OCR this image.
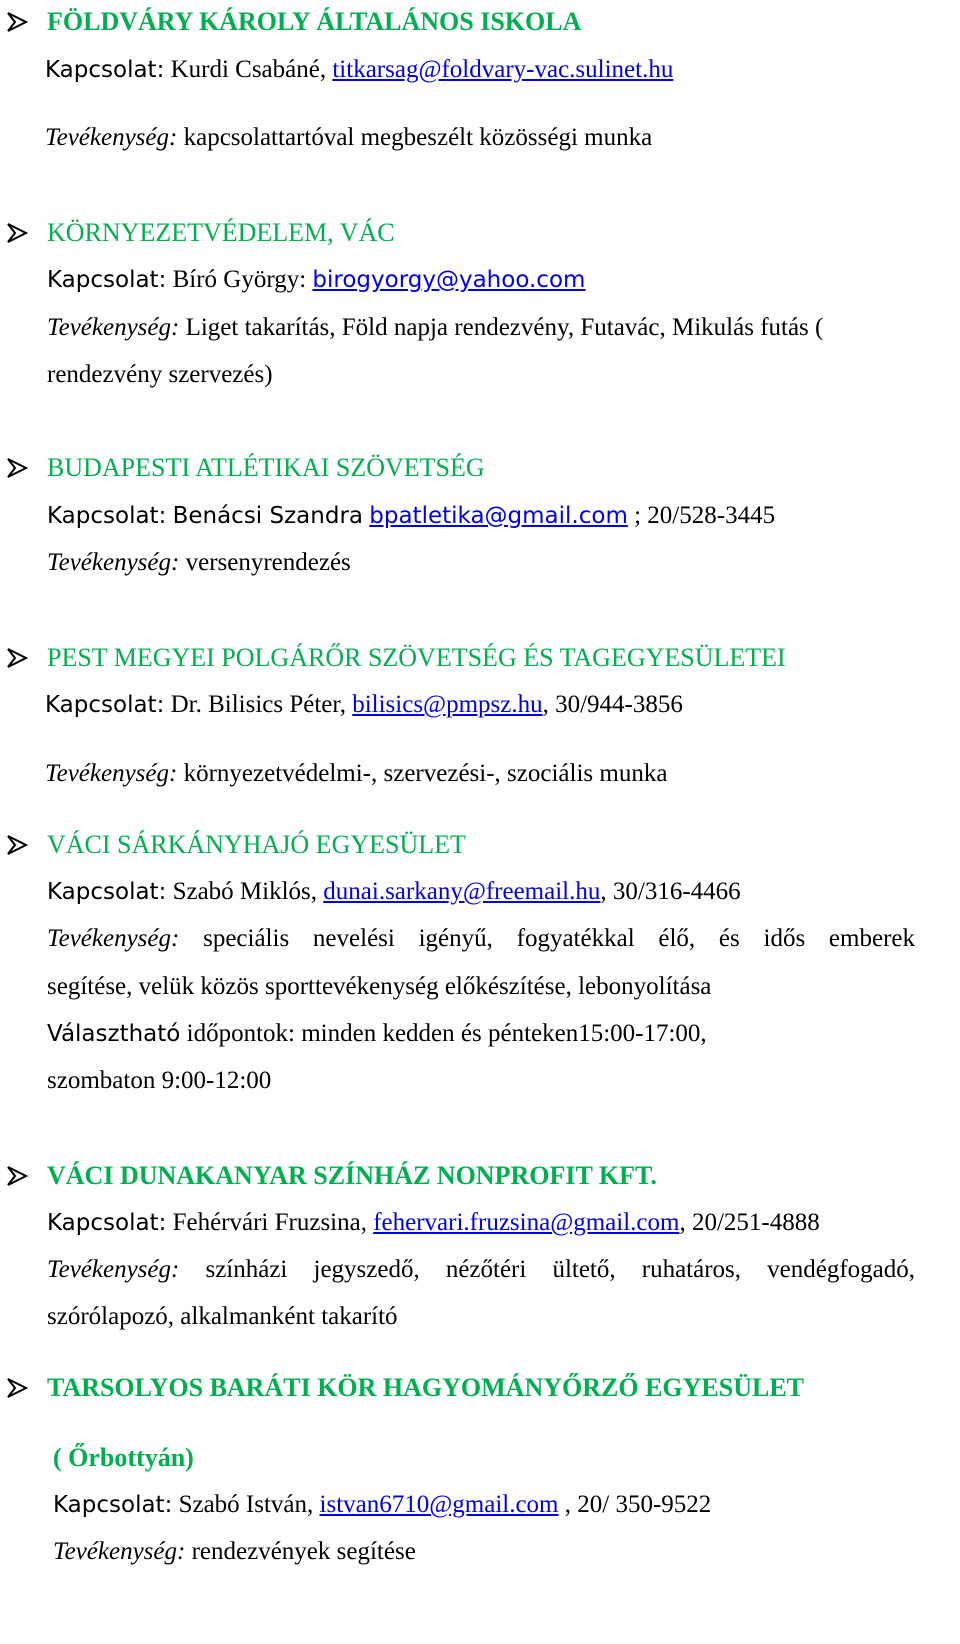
FÖLDVÁRY KÁROLY ÁLTALÁNOS ISKOLA
Kapcsolat: Kurdi Csabáné, titkarsag@foldvary-vac.sulinet.hu
Tevékenység: kapcsolattartóval megbeszélt közösségi munka
KÖRNYEZETVÉDELEM, VÁC
Kapcsolat: Bíró György: birogyorgy@yahoo.com
Tevékenység: Liget takarítás, Föld napja rendezvény, Futavác, Mikulás futás (
rendezvény szervezés)
BUDAPESTI ATLÉTIKAI SZÖVETSÉG
Kapcsolat: Benácsi Szandra bpatletika@gmail.com ; 20/528-3445
Tevékenység: versenyrendezés
PEST MEGYEI POLGÁRŐR SZÖVETSÉG ÉS TAGEGYESÜLETEI
Kapcsolat: Dr. Bilisics Péter, bilisics@pmpsz.hu, 30/944-3856
Tevékenység: környezetvédelmi-, szervezési-, szociális munka
VÁCI SÁRKÁNYHAJÓ EGYESÜLET
Kapcsolat: Szabó Miklós, dunai.sarkany@freemail.hu, 30/316-4466
Tevékenység: speciális nevelési igényű, fogyatékkal élő, és idős emberek
segítése, velük közös sporttevékenység előkészítése, lebonyolítása
Választható időpontok: minden kedden és pénteken15:00-17:00,
szombaton 9:00-12:00
VÁCI DUNAKANYAR SZÍNHÁZ NONPROFIT KFT.
Kapcsolat: Fehérvári Fruzsina, fehervari.fruzsina@gmail.com, 20/251-4888
Tevékenység: színházi jegyszedő, nézőtéri ültető, ruhatáros, vendégfogadó,
szórólapozó, alkalmanként takarító
TARSOLYOS BARÁTI KÖR HAGYOMÁNYŐRZŐ EGYESÜLET
( Őrbottyán)
Kapcsolat: Szabó István, istvan6710@gmail.com , 20/ 350-9522
Tevékenység: rendezvények segítése
